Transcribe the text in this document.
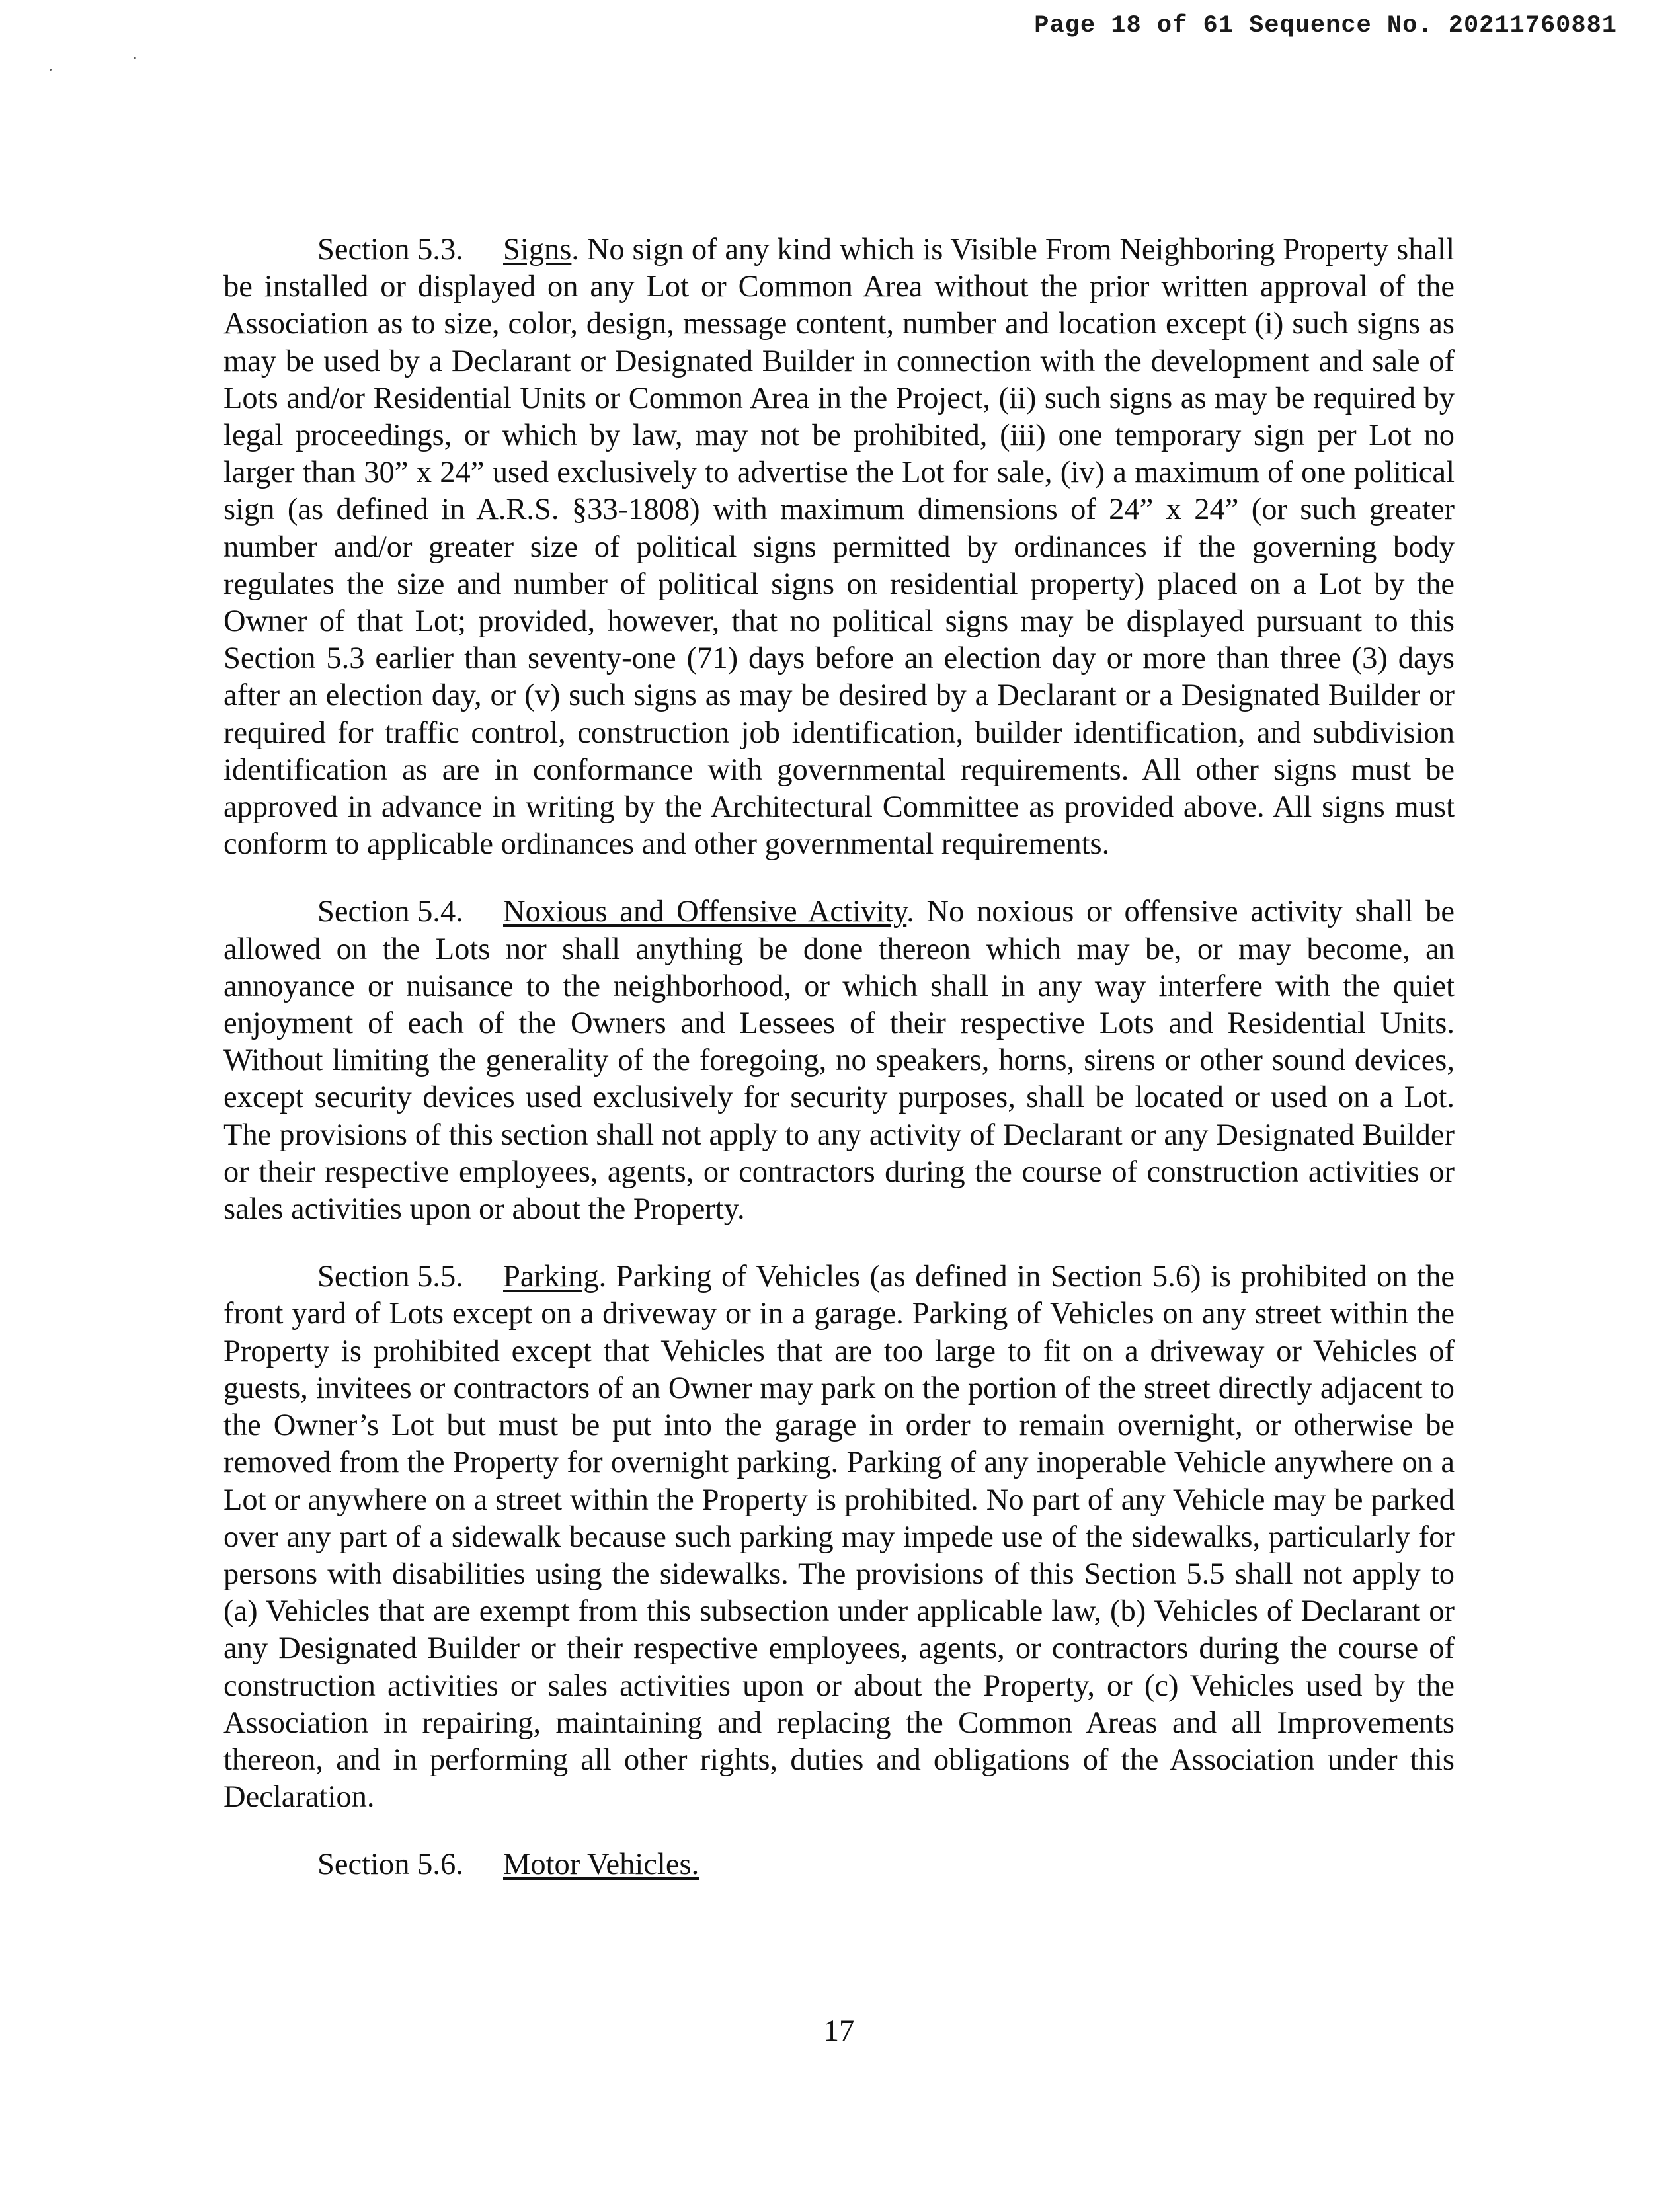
Page 18 of 61 Sequence No. 20211760881

Section 5.3. Signs. No sign of any kind which is Visible From Neighboring Property shall be installed or displayed on any Lot or Common Area without the prior written approval of the Association as to size, color, design, message content, number and location except (i) such signs as may be used by a Declarant or Designated Builder in connection with the development and sale of Lots and/or Residential Units or Common Area in the Project, (ii) such signs as may be required by legal proceedings, or which by law, may not be prohibited, (iii) one temporary sign per Lot no larger than 30” x 24” used exclusively to advertise the Lot for sale, (iv) a maximum of one political sign (as defined in A.R.S. §33-1808) with maximum dimensions of 24” x 24” (or such greater number and/or greater size of political signs permitted by ordinances if the governing body regulates the size and number of political signs on residential property) placed on a Lot by the Owner of that Lot; provided, however, that no political signs may be displayed pursuant to this Section 5.3 earlier than seventy-one (71) days before an election day or more than three (3) days after an election day, or (v) such signs as may be desired by a Declarant or a Designated Builder or required for traffic control, construction job identification, builder identification, and subdivision identification as are in conformance with governmental requirements. All other signs must be approved in advance in writing by the Architectural Committee as provided above. All signs must conform to applicable ordinances and other governmental requirements.

Section 5.4. Noxious and Offensive Activity. No noxious or offensive activity shall be allowed on the Lots nor shall anything be done thereon which may be, or may become, an annoyance or nuisance to the neighborhood, or which shall in any way interfere with the quiet enjoyment of each of the Owners and Lessees of their respective Lots and Residential Units. Without limiting the generality of the foregoing, no speakers, horns, sirens or other sound devices, except security devices used exclusively for security purposes, shall be located or used on a Lot. The provisions of this section shall not apply to any activity of Declarant or any Designated Builder or their respective employees, agents, or contractors during the course of construction activities or sales activities upon or about the Property.

Section 5.5. Parking. Parking of Vehicles (as defined in Section 5.6) is prohibited on the front yard of Lots except on a driveway or in a garage. Parking of Vehicles on any street within the Property is prohibited except that Vehicles that are too large to fit on a driveway or Vehicles of guests, invitees or contractors of an Owner may park on the portion of the street directly adjacent to the Owner’s Lot but must be put into the garage in order to remain overnight, or otherwise be removed from the Property for overnight parking. Parking of any inoperable Vehicle anywhere on a Lot or anywhere on a street within the Property is prohibited. No part of any Vehicle may be parked over any part of a sidewalk because such parking may impede use of the sidewalks, particularly for persons with disabilities using the sidewalks. The provisions of this Section 5.5 shall not apply to (a) Vehicles that are exempt from this subsection under applicable law, (b) Vehicles of Declarant or any Designated Builder or their respective employees, agents, or contractors during the course of construction activities or sales activities upon or about the Property, or (c) Vehicles used by the Association in repairing, maintaining and replacing the Common Areas and all Improvements thereon, and in performing all other rights, duties and obligations of the Association under this Declaration.

Section 5.6. Motor Vehicles.

17
